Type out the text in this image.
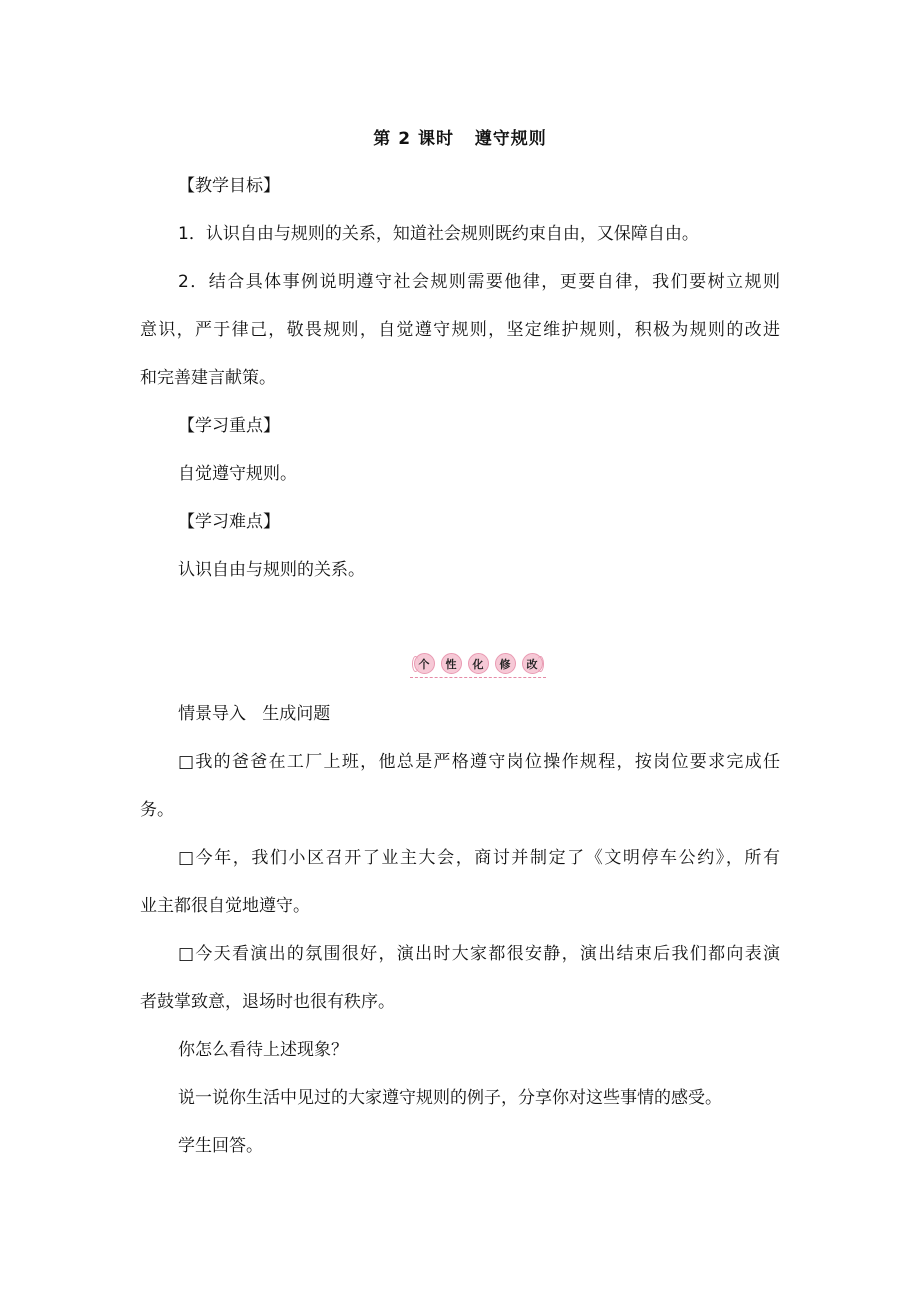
第 2 课时   遵守规则
【教学目标】
1．认识自由与规则的关系，知道社会规则既约束自由，又保障自由。
2．结合具体事例说明遵守社会规则需要他律，更要自律，我们要树立规则
意识，严于律己，敬畏规则，自觉遵守规则，坚定维护规则，积极为规则的改进
和完善建言献策。
【学习重点】
自觉遵守规则。
【学习难点】
认识自由与规则的关系。
个	性	化	修	改
情景导入   生成问题
□我的爸爸在工厂上班，他总是严格遵守岗位操作规程，按岗位要求完成任
务。
□今年，我们小区召开了业主大会，商讨并制定了《文明停车公约》，所有
业主都很自觉地遵守。
□今天看演出的氛围很好，演出时大家都很安静，演出结束后我们都向表演
者鼓掌致意，退场时也很有秩序。
你怎么看待上述现象？
说一说你生活中见过的大家遵守规则的例子，分享你对这些事情的感受。
学生回答。
